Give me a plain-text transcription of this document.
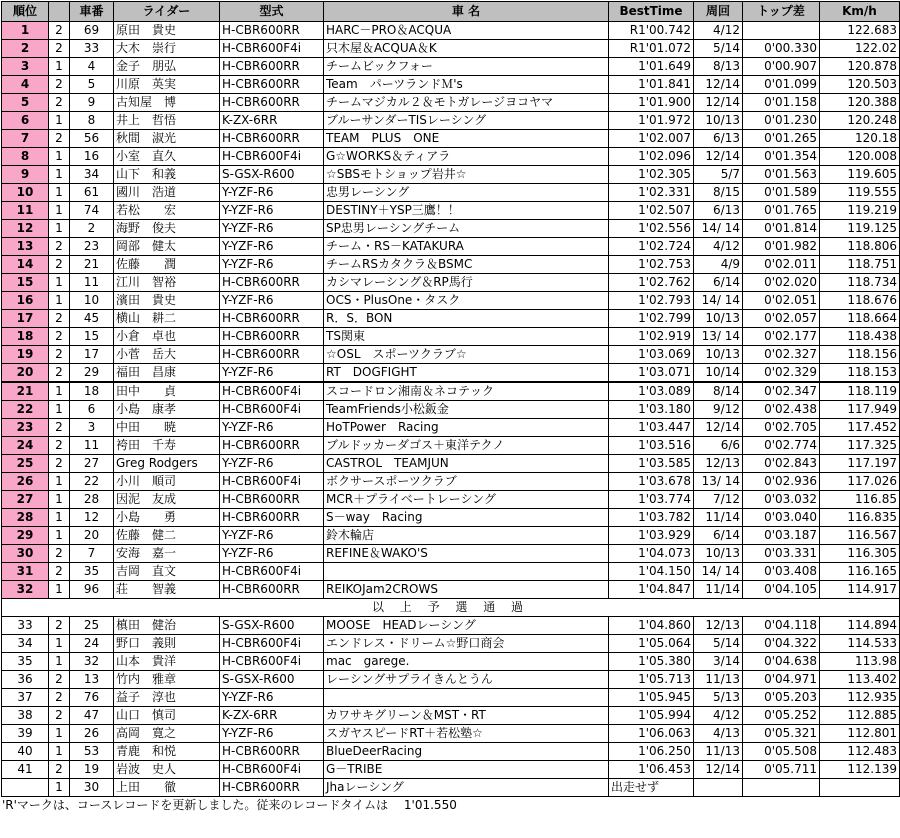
順位		車番	ライダー	型式	車 名	BestTime	周回	トップ差	Km/h
1	2	69	原田　貴史	H-CBR600RR	HARC－PRO＆ACQUA	R1'00.742	4/12		122.683
2	2	33	大木　崇行	H-CBR600F4i	只木屋＆ACQUA＆K	R1'01.072	5/14	0'00.330	122.02
3	1	4	金子　朋弘	H-CBR600RR	チームビックフォー	1'01.649	8/13	0'00.907	120.878
4	2	5	川原　英実	H-CBR600RR	Team　パーツランドＭ's	1'01.841	12/14	0'01.099	120.503
5	2	9	古知屋　博	H-CBR600RR	チームマジカル２＆モトガレージヨコヤマ	1'01.900	12/14	0'01.158	120.388
6	1	8	井上　哲悟	K-ZX-6RR	ブルーサンダーTISレーシング	1'01.972	10/13	0'01.230	120.248
7	2	56	秋間　淑光	H-CBR600RR	TEAM　PLUS　ONE	1'02.007	6/13	0'01.265	120.18
8	1	16	小室　直久	H-CBR600F4i	G☆WORKS＆ティアラ	1'02.096	12/14	0'01.354	120.008
9	1	34	山下　和義	S-GSX-R600	☆SBSモトショップ岩井☆	1'02.305	5/7	0'01.563	119.605
10	1	61	國川　浩道	Y-YZF-R6	忠男レーシング	1'02.331	8/15	0'01.589	119.555
11	1	74	若松　　宏	Y-YZF-R6	DESTINY＋YSP三鷹！！	1'02.507	6/13	0'01.765	119.219
12	1	2	海野　俊夫	Y-YZF-R6	SP忠男レーシングチーム	1'02.556	14/ 14	0'01.814	119.125
13	2	23	岡部　健太	Y-YZF-R6	チーム・RS－KATAKURA	1'02.724	4/12	0'01.982	118.806
14	2	21	佐藤　　潤	Y-YZF-R6	チームRSカタクラ＆BSMC	1'02.753	4/9	0'02.011	118.751
15	1	11	江川　智裕	H-CBR600RR	カシマレーシング＆RP馬行	1'02.762	6/14	0'02.020	118.734
16	1	10	濱田　貴史	Y-YZF-R6	OCS・PlusOne・タスク	1'02.793	14/ 14	0'02.051	118.676
17	2	45	横山　耕二	H-CBR600RR	R．S．BON	1'02.799	10/13	0'02.057	118.664
18	2	15	小倉　卓也	H-CBR600RR	TS関東	1'02.919	13/ 14	0'02.177	118.438
19	2	17	小菅　岳大	H-CBR600RR	☆OSL　スポーツクラブ☆	1'03.069	10/13	0'02.327	118.156
20	2	29	福田　昌康	Y-YZF-R6	RT　DOGFIGHT	1'03.071	10/14	0'02.329	118.153
21	1	18	田中　　貞	H-CBR600F4i	スコードロン湘南＆ネコテック	1'03.089	8/14	0'02.347	118.119
22	1	6	小島　康孝	H-CBR600F4i	TeamFriends小松鈑金	1'03.180	9/12	0'02.438	117.949
23	2	3	中田　　暁	Y-YZF-R6	HoTPower　Racing	1'03.447	12/14	0'02.705	117.452
24	2	11	袴田　千寿	H-CBR600RR	ブルドッカーダゴス＋東洋テクノ	1'03.516	6/6	0'02.774	117.325
25	2	27	Greg Rodgers	Y-YZF-R6	CASTROL　TEAMJUN	1'03.585	12/13	0'02.843	117.197
26	1	22	小川　順司	H-CBR600F4i	ボクサースポーツクラブ	1'03.678	13/ 14	0'02.936	117.026
27	1	28	因泥　友成	H-CBR600RR	MCR＋プライベートレーシング	1'03.774	7/12	0'03.032	116.85
28	1	12	小島　　勇	H-CBR600RR	S－way　Racing	1'03.782	11/14	0'03.040	116.835
29	1	20	佐藤　健二	Y-YZF-R6	鈴木輪店	1'03.929	6/14	0'03.187	116.567
30	2	7	安海　嘉一	Y-YZF-R6	REFINE＆WAKO'S	1'04.073	10/13	0'03.331	116.305
31	2	35	吉岡　直文	H-CBR600F4i		1'04.150	14/ 14	0'03.408	116.165
32	1	96	荘　　智義	H-CBR600RR	REIKOJam2CROWS	1'04.847	11/14	0'04.105	114.917
以 上 予 選 通 過									
33	2	25	槙田　健治	S-GSX-R600	MOOSE　HEADレーシング	1'04.860	12/13	0'04.118	114.894
34	1	24	野口　義則	H-CBR600F4i	エンドレス・ドリーム☆野口商会	1'05.064	5/14	0'04.322	114.533
35	1	32	山本　貴洋	H-CBR600F4i	mac　garege.	1'05.380	3/14	0'04.638	113.98
36	2	13	竹内　雅章	S-GSX-R600	レーシングサプライきんとうん	1'05.713	11/13	0'04.971	113.402
37	2	76	益子　淳也	Y-YZF-R6		1'05.945	5/13	0'05.203	112.935
38	2	47	山口　慎司	K-ZX-6RR	カワサキグリーン＆MST・RT	1'05.994	4/12	0'05.252	112.885
39	1	26	高岡　寛之	Y-YZF-R6	スガヤスピードRT＋若松塾☆	1'06.063	4/13	0'05.321	112.801
40	1	53	青鹿　和悦	H-CBR600RR	BlueDeerRacing	1'06.250	11/13	0'05.508	112.483
41	2	19	岩波　史人	H-CBR600F4i	G－TRIBE	1'06.453	12/14	0'05.711	112.139
	1	30	上田　　徹	H-CBR600RR	Jhaレーシング	出走せず			
'R'マークは、コースレコードを更新しました。従来のレコードタイムは　 1'01.550
